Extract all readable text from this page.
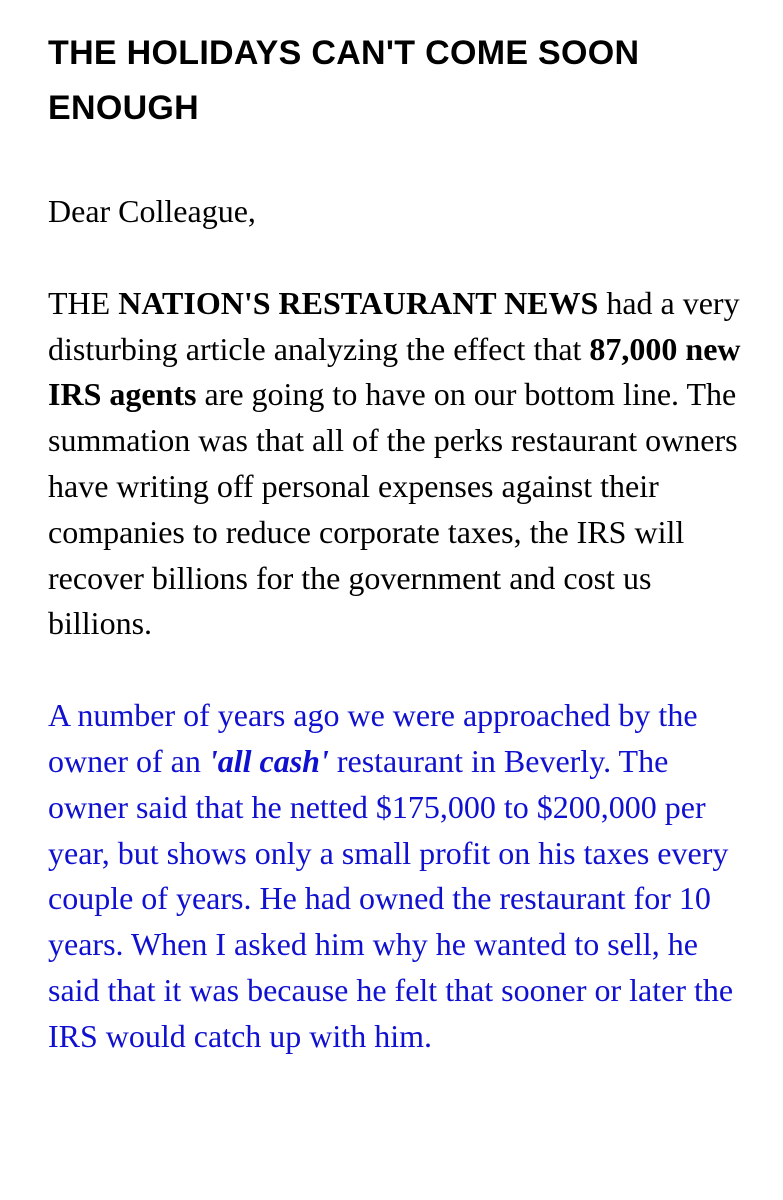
THE HOLIDAYS CAN'T COME SOON ENOUGH

Dear Colleague,

THE NATION'S RESTAURANT NEWS had a very disturbing article analyzing the effect that 87,000 new IRS agents are going to have on our bottom line. The summation was that all of the perks restaurant owners have writing off personal expenses against their companies to reduce corporate taxes, the IRS will recover billions for the government and cost us billions.

A number of years ago we were approached by the owner of an 'all cash' restaurant in Beverly. The owner said that he netted $175,000 to $200,000 per year, but shows only a small profit on his taxes every couple of years. He had owned the restaurant for 10 years. When I asked him why he wanted to sell, he said that it was because he felt that sooner or later the IRS would catch up with him.
